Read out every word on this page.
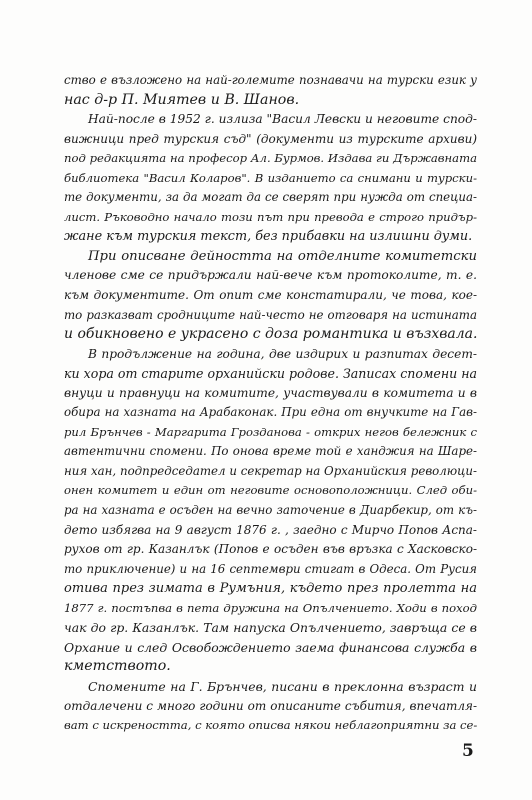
ство е възложено на най-големите познавачи на турски език у
нас д-р П. Миятев и В. Шанов.
Най-после в 1952 г. излиза "Васил Левски и неговите спод-
вижници пред турския съд" (документи из турските архиви)
под редакцията на професор Ал. Бурмов. Издава ги Държавната
библиотека "Васил Коларов". В изданието са снимани и турски-
те документи, за да могат да се сверят при нужда от специа-
лист. Ръководно начало този път при превода е строго придър-
жане към турския текст, без прибавки на излишни думи.
При описване дейността на отделните комитетски
членове сме се придържали най-вече към протоколите, т. е.
към документите. От опит сме констатирали, че това, кое-
то разказват сродниците най-често не отговаря на истината
и обикновено е украсено с доза романтика и възхвала.
В продължение на година, две издирих и разпитах десет-
ки хора от старите орханийски родове. Записах спомени на
внуци и правнуци на комитите, участвували в комитета и в
обира на хазната на Арабаконак. При една от внучките на Гав-
рил Брънчев - Маргарита Грозданова - открих негов бележник с
автентични спомени. По онова време той е ханджия на Шаре-
ния хан, подпредседател и секретар на Орханийския революци-
онен комитет и един от неговите основоположници. След оби-
ра на хазната е осъден на вечно заточение в Диарбекир, от къ-
дето избягва на 9 август 1876 г. , заедно с Мирчо Попов Аспа-
рухов от гр. Казанлък (Попов е осъден във връзка с Хасковско-
то приключение) и на 16 септември стигат в Одеса. От Русия
отива през зимата в Румъния, където през пролетта на
1877 г. постъпва в пета дружина на Опълчението. Ходи в поход
чак до гр. Казанлък. Там напуска Опълчението, завръща се в
Орхание и след Освобождението заема финансова служба в
кметството.
Спомените на Г. Брънчев, писани в преклонна възраст и
отдалечени с много години от описаните събития, впечатля-
ват с искреността, с която описва някои неблагоприятни за се-
5
